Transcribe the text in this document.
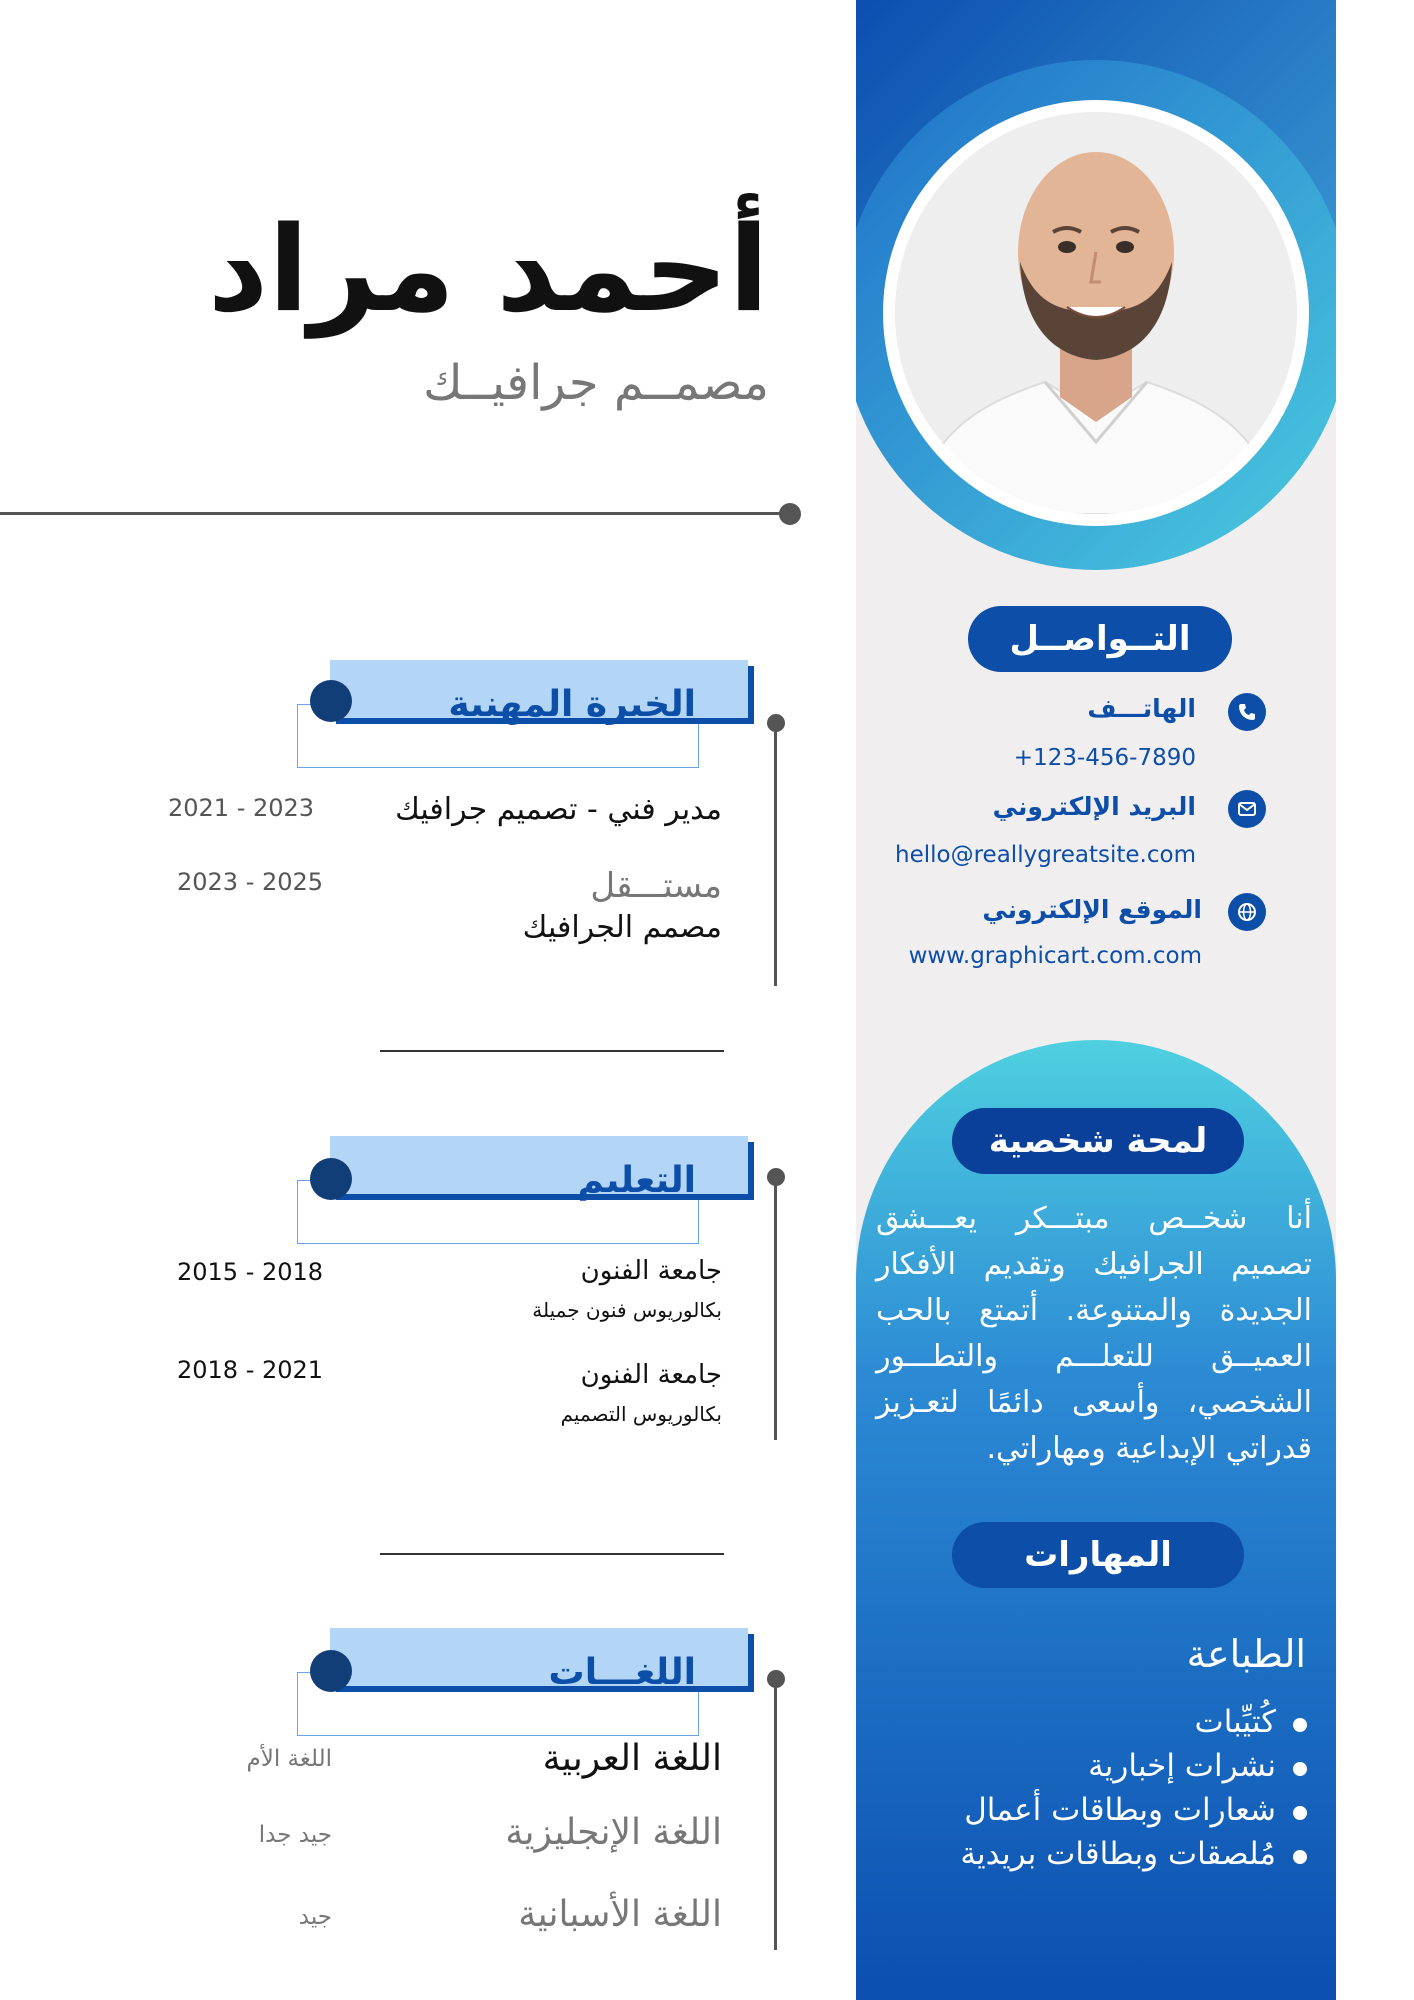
التــواصــل
الهاتـــف
+123-456-7890
البريد الإلكتروني
hello@reallygreatsite.com
الموقع الإلكتروني
www.graphicart.com.com
لمحة شخصية
أنا شخــص مبتـــكر يعـــشق تصميم الجرافيك وتقديم الأفكار الجديدة والمتنوعة. أتمتع بالحب العميــق للتعلـــم والتطـــور الشخصي، وأسعى دائمًا لتعـزيز قدراتي الإبداعية ومهاراتي.
المهارات
الطباعة
كُتيِّبات
نشرات إخبارية
شعارات وبطاقات أعمال
مُلصقات وبطاقات بريدية
أحمد مراد
مصمــم جرافيــك
الخبرة المهنية
مدير فني - تصميم جرافيك
2021 - 2023
مستـــقل
مصمم الجرافيك
2023 - 2025
التعليم
جامعة الفنون
بكالوريوس فنون جميلة
2015 - 2018
جامعة الفنون
بكالوريوس التصميم
2018 - 2021
اللغـــات
اللغة العربية
اللغة الأم
اللغة الإنجليزية
جيد جدا
اللغة الأسبانية
جيد
